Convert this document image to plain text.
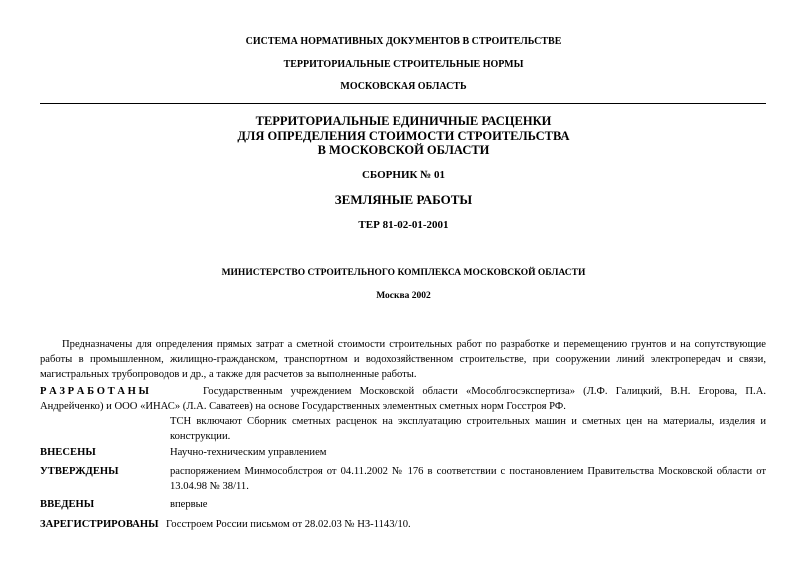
СИСТЕМА НОРМАТИВНЫХ ДОКУМЕНТОВ В СТРОИТЕЛЬСТВЕ
ТЕРРИТОРИАЛЬНЫЕ СТРОИТЕЛЬНЫЕ НОРМЫ
МОСКОВСКАЯ ОБЛАСТЬ
ТЕРРИТОРИАЛЬНЫЕ ЕДИНИЧНЫЕ РАСЦЕНКИ
ДЛЯ ОПРЕДЕЛЕНИЯ СТОИМОСТИ СТРОИТЕЛЬСТВА
В МОСКОВСКОЙ ОБЛАСТИ
СБОРНИК № 01
ЗЕМЛЯНЫЕ РАБОТЫ
ТЕР 81-02-01-2001
МИНИСТЕРСТВО СТРОИТЕЛЬНОГО КОМПЛЕКСА МОСКОВСКОЙ ОБЛАСТИ
Москва 2002
Предназначены для определения прямых затрат а сметной стоимости строительных работ по разработке и перемещению грунтов и на сопутствующие работы в промышленном, жилищно-гражданском, транспортном и водохозяйственном строительстве, при сооружении линий электропередач и связи, магистральных трубопроводов и др., а также для расчетов за выполненные работы.
Р А З Р А Б О Т А Н Ы	Государственным учреждением Московской области «Мособлгосэкспертиза» (Л.Ф. Галицкий, В.Н. Егорова, П.А. Андрейченко) и ООО «ИНАС» (Л.А. Саватеев) на основе Государственных элементных сметных норм Госстроя РФ.
ТСН включают Сборник сметных расценок на эксплуатацию строительных машин и сметных цен на материалы, изделия и конструкции.
ВНЕСЕНЫ	Научно-техническим управлением
УТВЕРЖДЕНЫ	распоряжением Минмособлстроя от 04.11.2002 № 176 в соответствии с постановлением Правительства Московской области от 13.04.98 № 38/11.
ВВЕДЕНЫ	впервые
ЗАРЕГИСТРИРОВАНЫ Госстроем России письмом от 28.02.03 № НЗ-1143/10.
